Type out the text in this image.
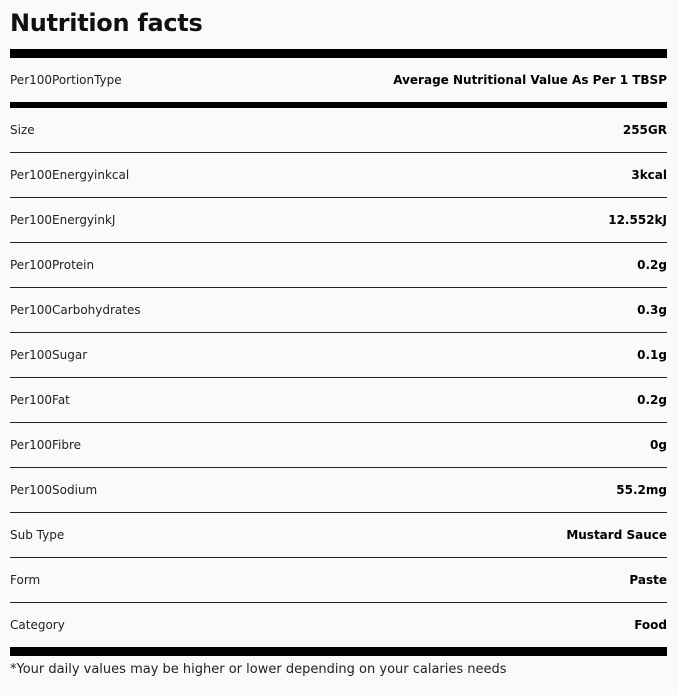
Nutrition facts
Per100PortionType	Average Nutritional Value As Per 1 TBSP
Size	255GR
Per100Energyinkcal	3kcal
Per100EnergyinkJ	12.552kJ
Per100Protein	0.2g
Per100Carbohydrates	0.3g
Per100Sugar	0.1g
Per100Fat	0.2g
Per100Fibre	0g
Per100Sodium	55.2mg
Sub Type	Mustard Sauce
Form	Paste
Category	Food
*Your daily values may be higher or lower depending on your calaries needs
